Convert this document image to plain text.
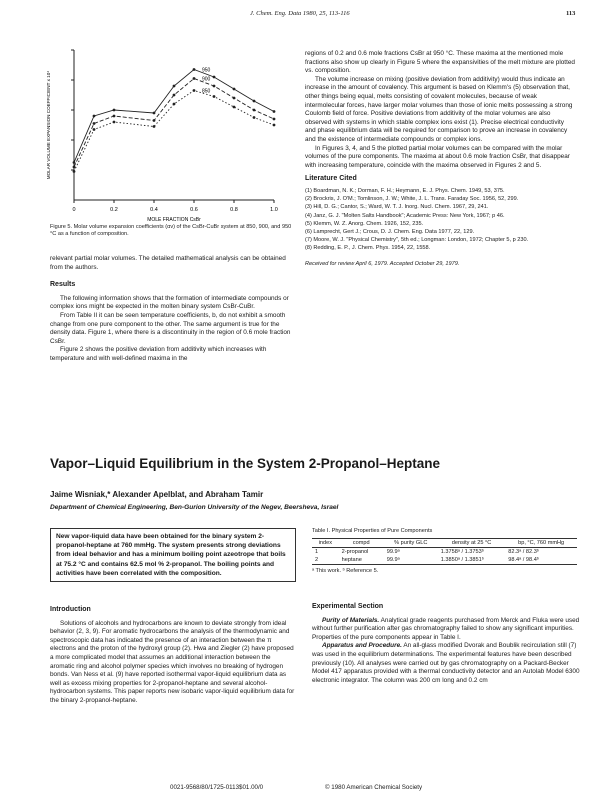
J. Chem. Eng. Data 1980, 25, 113-116	113
0	0.2	0.4	0.6	0.8	1.0
MOLE FRACTION CsBr
MOLAR VOLUME EXPANSION COEFFICIENT x 10⁴
950
900
850
Figure 5. Molar volume expansion coefficients (αv) of the CsBr-CuBr system at 850, 900, and 950 °C as a function of composition.

relevant partial molar volumes. The detailed mathematical analysis can be obtained from the authors.

Results

The following information shows that the formation of intermediate compounds or complex ions might be expected in the molten binary system CsBr-CuBr.

From Table II it can be seen temperature coefficients, b, do not exhibit a smooth change from one pure component to the other. The same argument is true for the density data. Figure 1, where there is a discontinuity in the region of 0.6 mole fraction CsBr.

Figure 2 shows the positive deviation from additivity which increases with temperature and with well-defined maxima in the

regions of 0.2 and 0.6 mole fractions CsBr at 950 °C. These maxima at the mentioned mole fractions also show up clearly in Figure 5 where the expansivities of the melt mixture are plotted vs. composition.

The volume increase on mixing (positive deviation from additivity) would thus indicate an increase in the amount of covalency. This argument is based on Klemm's (5) observation that, other things being equal, melts consisting of covalent molecules, because of weak intermolecular forces, have larger molar volumes than those of ionic melts possessing a strong Coulomb field of force. Positive deviations from additivity of the molar volumes are also observed with systems in which stable complex ions exist (1). Precise electrical conductivity and phase equilibrium data will be required for comparison to prove an increase in covalency and the existence of intermediate compounds or complex ions.

In Figures 3, 4, and 5 the plotted partial molar volumes can be compared with the molar volumes of the pure components. The maxima at about 0.6 mole fraction CsBr, that disappear with increasing temperature, coincide with the maxima observed in Figures 2 and 5.

Literature Cited
(1) Boardman, N. K.; Dorman, F. H.; Heymann, E. J. Phys. Chem. 1949, 53, 375.
(2) Brockris, J. O'M.; Tomlinson, J. W.; White, J. L. Trans. Faraday Soc. 1956, 52, 299.
(3) Hill, D. G.; Cantor, S.; Ward, W. T. J. Inorg. Nucl. Chem. 1967, 29, 241.
(4) Janz, G. J. "Molten Salts Handbook"; Academic Press: New York, 1967; p 46.
(5) Klemm, W. Z. Anorg. Chem. 1926, 152, 235.
(6) Lamprecht, Gert J.; Crous, D. J. Chem. Eng. Data 1977, 22, 129.
(7) Moore, W. J. "Physical Chemistry", 5th ed.; Longman: London, 1972; Chapter 5, p 230.
(8) Redding, E. P., J. Chem. Phys. 1954, 22, 1558.
Received for review April 6, 1979. Accepted October 29, 1979.
Vapor–Liquid Equilibrium in the System 2-Propanol–Heptane
Jaime Wisniak,* Alexander Apelblat, and Abraham Tamir
Department of Chemical Engineering, Ben-Gurion University of the Negev, Beersheva, Israel
New vapor-liquid data have been obtained for the binary system 2-propanol-heptane at 760 mmHg. The system presents strong deviations from ideal behavior and has a minimum boiling point azeotrope that boils at 75.2 °C and contains 62.5 mol % 2-propanol. The boiling points and activities have been correlated with the composition.
Introduction

Solutions of alcohols and hydrocarbons are known to deviate strongly from ideal behavior (2, 3, 9). For aromatic hydrocarbons the analysis of the thermodynamic and spectroscopic data has indicated the presence of an interaction between the π electrons and the proton of the hydroxyl group (2). Hwa and Ziegler (2) have proposed a more complicated model that assumes an additional interaction between the aromatic ring and alcohol polymer species which involves no breaking of hydrogen bonds. Van Ness et al. (9) have reported isothermal vapor-liquid equilibrium data as well as excess mixing properties for 2-propanol-heptane and several alcohol-hydrocarbon systems. This paper reports new isobaric vapor-liquid equilibrium data for the binary 2-propanol-heptane.

Table I. Physical Properties of Pure Components
index	compd	% purity GLC	density at 25 °C	bp, °C, 760 mmHg
1	2-propanol	99.9ᵃ	1.3758ᵃ / 1.3753ᵇ	82.3ᵃ / 82.3ᵇ
2	heptane	99.9ᵃ	1.3850ᵃ / 1.3851ᵇ	98.4ᵃ / 98.4ᵇ
ᵃ This work. ᵇ Reference 5.
Experimental Section

Purity of Materials. Analytical grade reagents purchased from Merck and Fluka were used without further purification after gas chromatography failed to show any significant impurities. Properties of the pure components appear in Table I.

Apparatus and Procedure. An all-glass modified Dvorak and Boublik recirculation still (7) was used in the equilibrium determinations. The experimental features have been described previously (10). All analyses were carried out by gas chromatography on a Packard-Becker Model 417 apparatus provided with a thermal conductivity detector and an Autolab Model 6300 electronic integrator. The column was 200 cm long and 0.2 cm

0021-9568/80/1725-0113$01.00/0	© 1980 American Chemical Society
